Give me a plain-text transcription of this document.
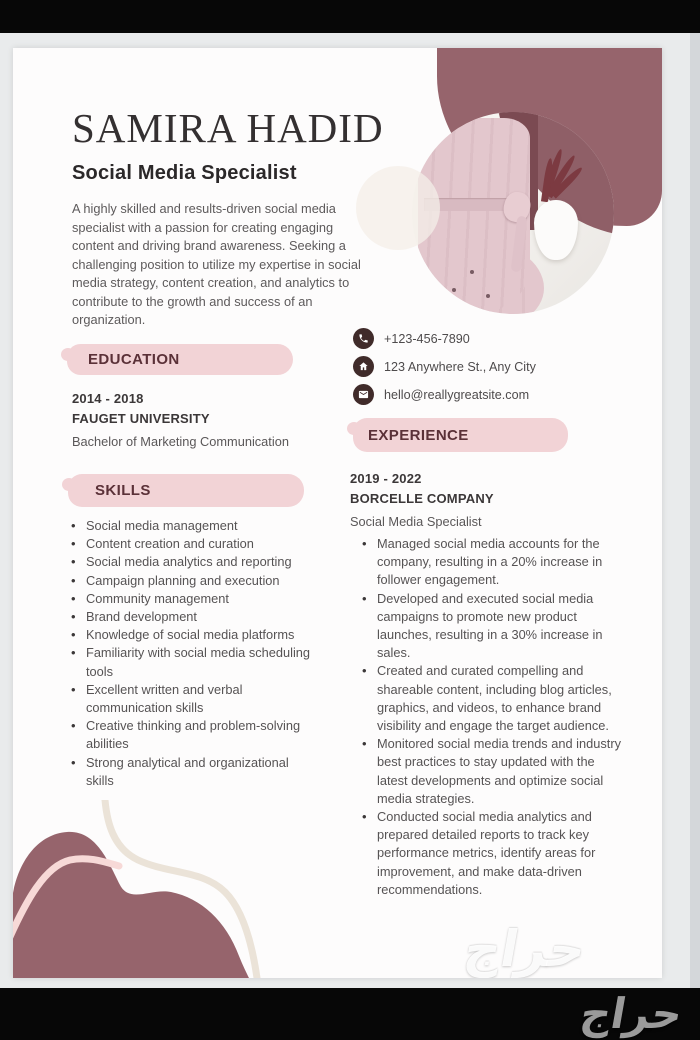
SAMIRA HADID
Social Media Specialist

A highly skilled and results-driven social media specialist with a passion for creating engaging content and driving brand awareness. Seeking a challenging position to utilize my expertise in social media strategy, content creation, and analytics to contribute to the growth and success of an organization.

+123-456-7890
123 Anywhere St., Any City
hello@reallygreatsite.com
EDUCATION
2014 - 2018
FAUGET UNIVERSITY
Bachelor of Marketing Communication
SKILLS
• Social media management
• Content creation and curation
• Social media analytics and reporting
• Campaign planning and execution
• Community management
• Brand development
• Knowledge of social media platforms
• Familiarity with social media scheduling tools
• Excellent written and verbal communication skills
• Creative thinking and problem-solving abilities
• Strong analytical and organizational skills
EXPERIENCE
2019 - 2022
BORCELLE COMPANY
Social Media Specialist
• Managed social media accounts for the company, resulting in a 20% increase in follower engagement.
• Developed and executed social media campaigns to promote new product launches, resulting in a 30% increase in sales.
• Created and curated compelling and shareable content, including blog articles, graphics, and videos, to enhance brand visibility and engage the target audience.
• Monitored social media trends and industry best practices to stay updated with the latest developments and optimize social media strategies.
• Conducted social media analytics and prepared detailed reports to track key performance metrics, identify areas for improvement, and make data-driven recommendations.
حراج
حراج
